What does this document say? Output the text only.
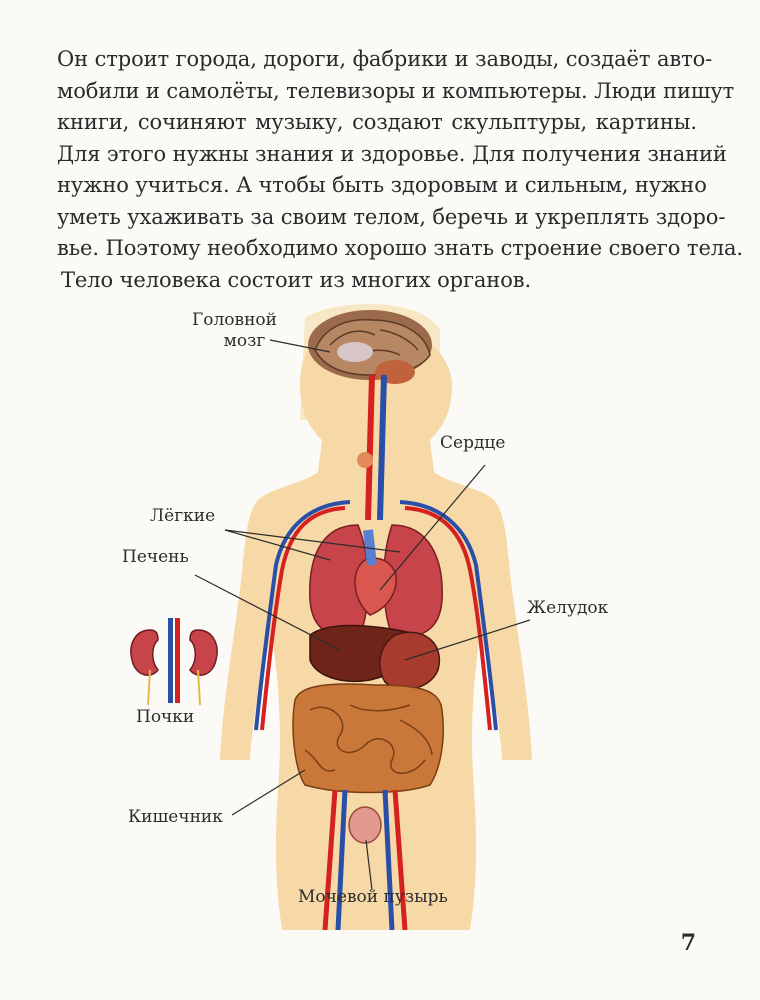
Он строит города, дороги, фабрики и заводы, создаёт авто-
мобили и самолёты, телевизоры и компьютеры. Люди пишут
книги, сочиняют музыку, создают скульптуры, картины.
Для этого нужны знания и здоровье. Для получения знаний
нужно учиться. А чтобы быть здоровым и сильным, нужно
уметь ухаживать за своим телом, беречь и укреплять здоро-
вье. Поэтому необходимо хорошо знать строение своего тела.

Тело человека состоит из многих органов.

Головной
мозг
Сердце
Лёгкие
Печень
Желудок
Почки
Кишечник
Мочевой пузырь
7
